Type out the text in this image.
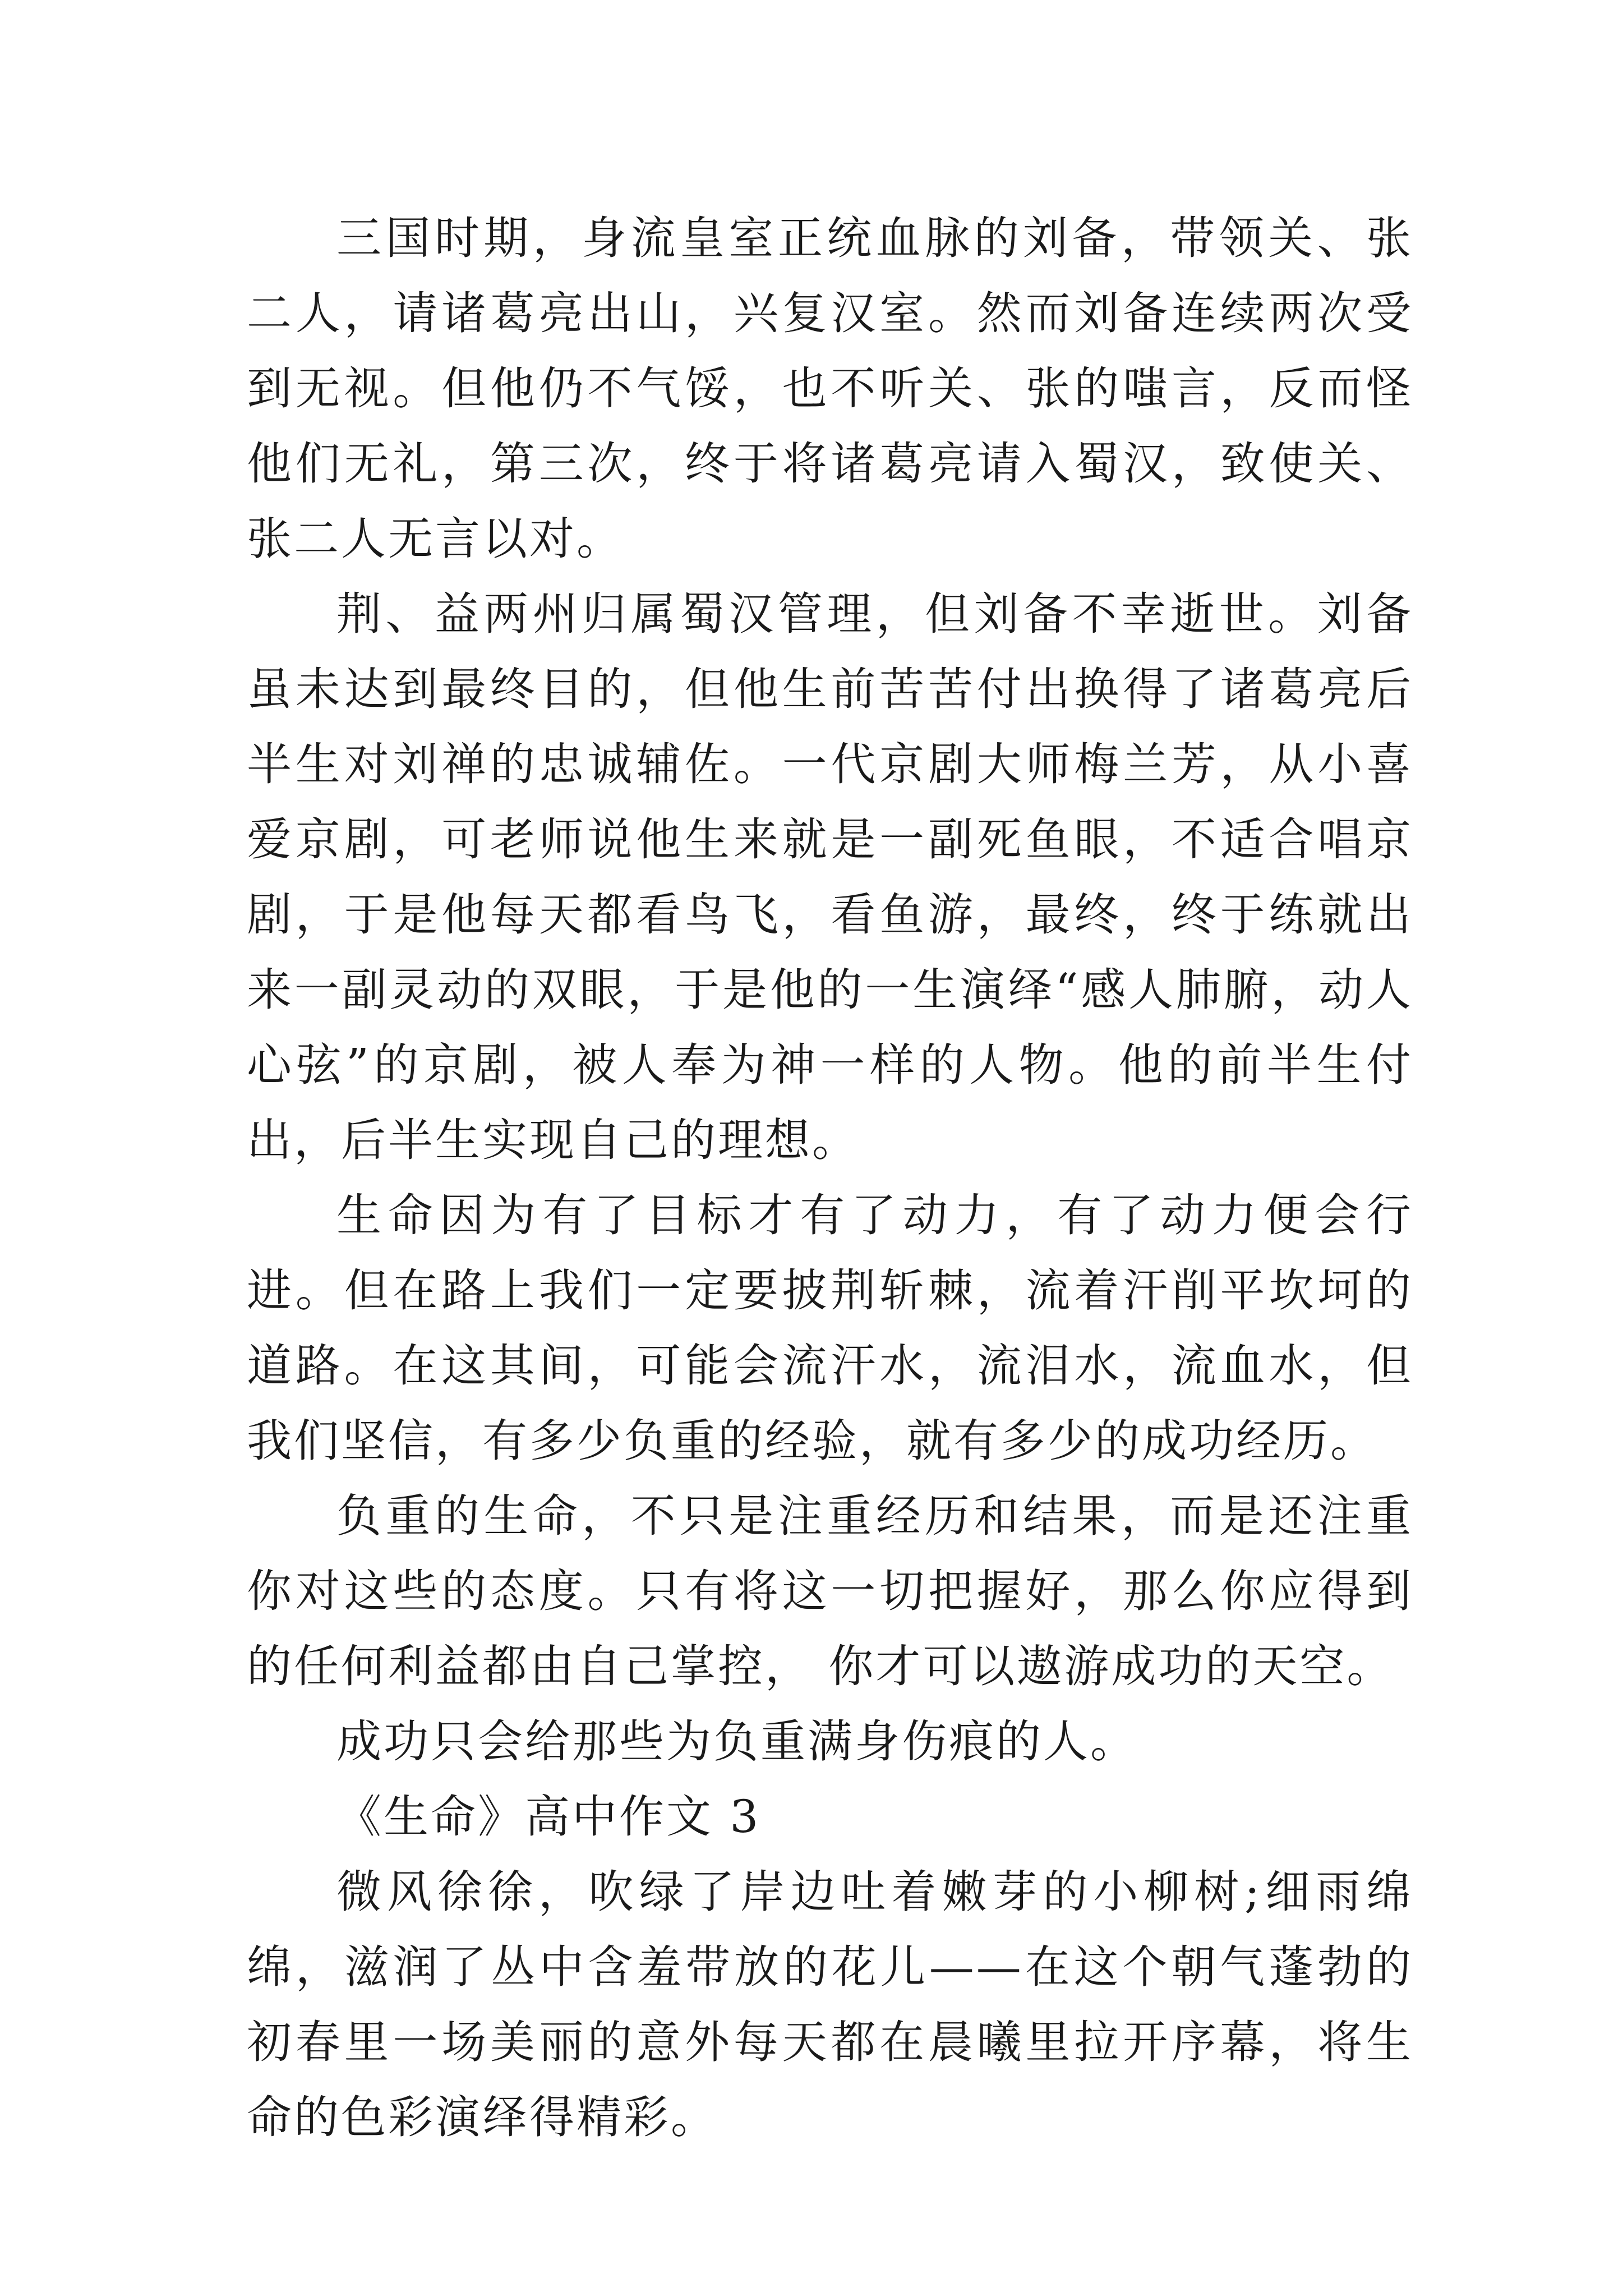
三国时期，身流皇室正统血脉的刘备，带领关、张二人，请诸葛亮出山，兴复汉室。然而刘备连续两次受到无视。但他仍不气馁，也不听关、张的嗤言，反而怪他们无礼，第三次，终于将诸葛亮请入蜀汉，致使关、张二人无言以对。

荆、益两州归属蜀汉管理，但刘备不幸逝世。刘备虽未达到最终目的，但他生前苦苦付出换得了诸葛亮后半生对刘禅的忠诚辅佐。一代京剧大师梅兰芳，从小喜爱京剧，可老师说他生来就是一副死鱼眼，不适合唱京剧，于是他每天都看鸟飞，看鱼游，最终，终于练就出来一副灵动的双眼，于是他的一生演绎“感人肺腑，动人心弦”的京剧，被人奉为神一样的人物。他的前半生付出，后半生实现自己的理想。

生命因为有了目标才有了动力，有了动力便会行进。但在路上我们一定要披荆斩棘，流着汗削平坎坷的道路。在这其间，可能会流汗水，流泪水，流血水，但我们坚信，有多少负重的经验，就有多少的成功经历。

负重的生命，不只是注重经历和结果，而是还注重你对这些的态度。只有将这一切把握好，那么你应得到的任何利益都由自己掌控， 你才可以遨游成功的天空。

成功只会给那些为负重满身伤痕的人。

《生命》高中作文 3

微风徐徐，吹绿了岸边吐着嫩芽的小柳树;细雨绵绵，滋润了丛中含羞带放的花儿——在这个朝气蓬勃的初春里一场美丽的意外每天都在晨曦里拉开序幕，将生命的色彩演绎得精彩。
